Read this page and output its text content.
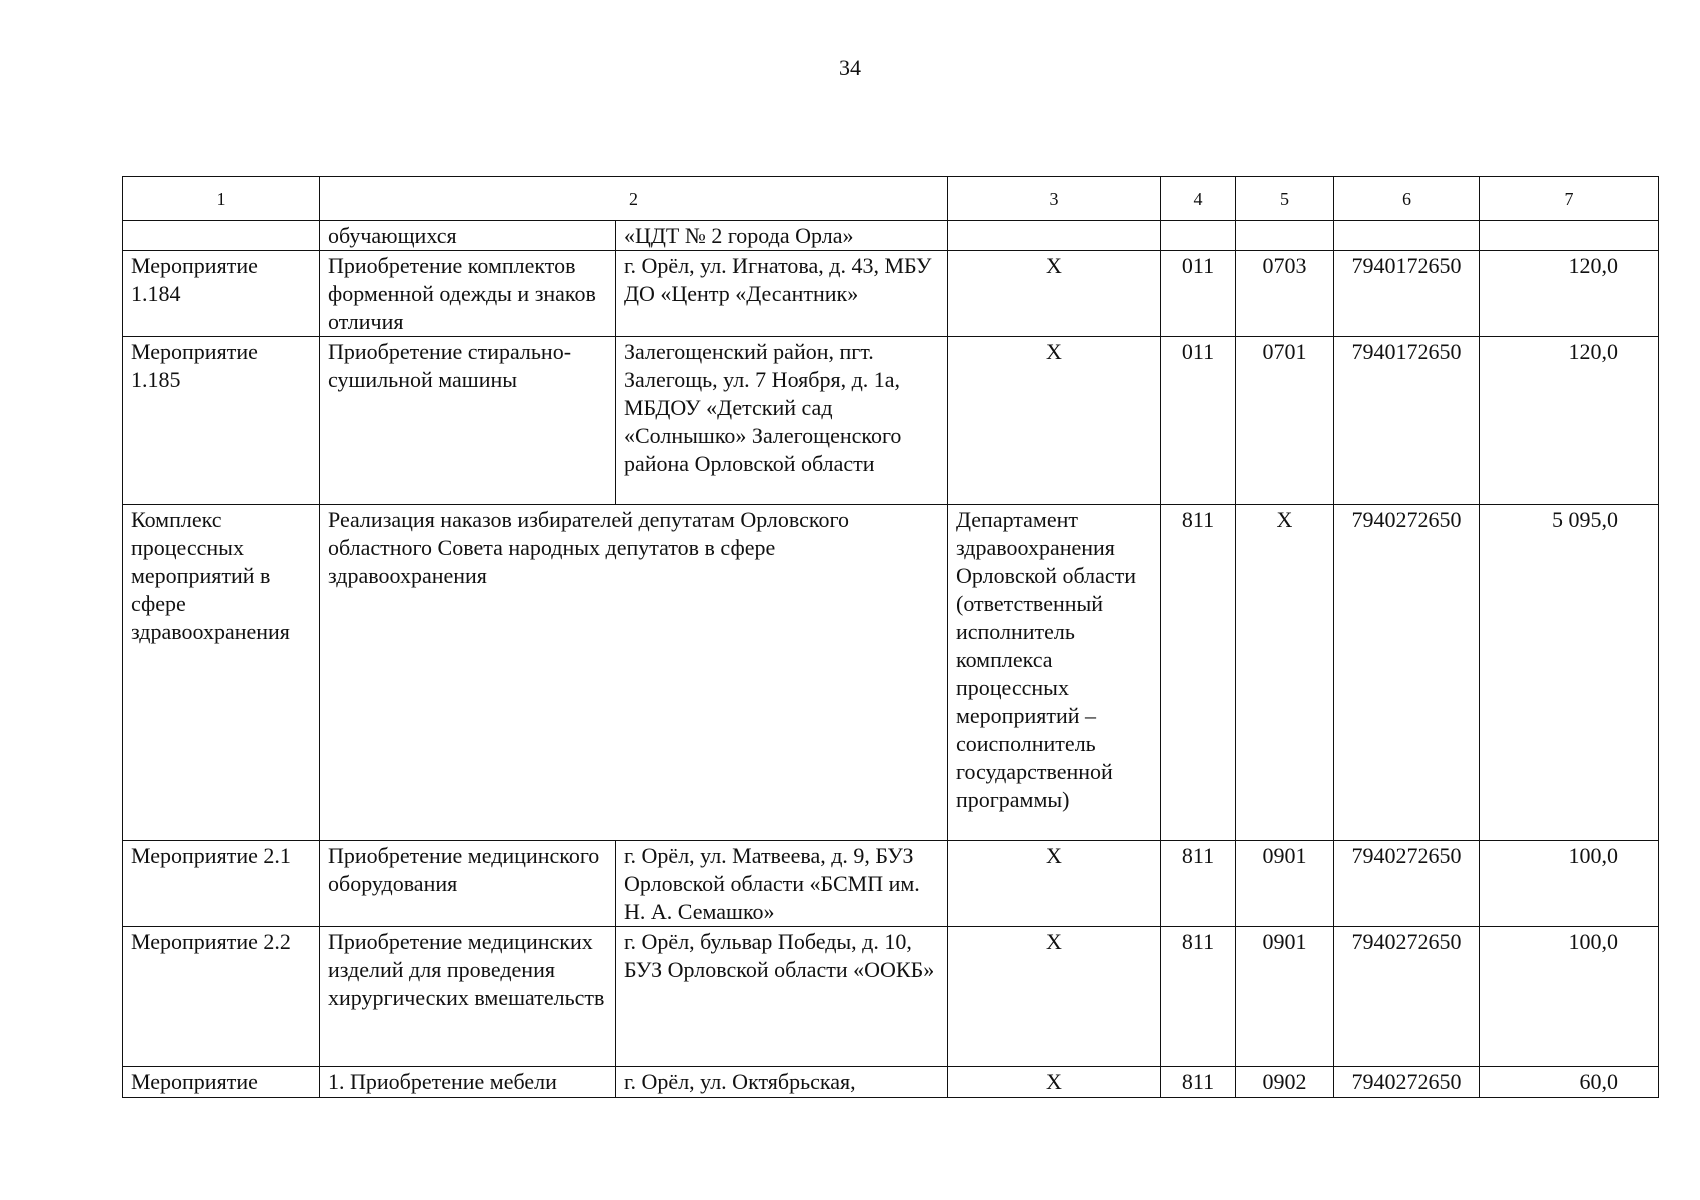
34
1	2		3	4	5	6	7
	обучающихся	«ЦДТ № 2 города Орла»					
Мероприятие 1.184	Приобретение комплектов форменной одежды и знаков отличия	г. Орёл, ул. Игнатова, д. 43, МБУ ДО «Центр «Десантник»	Х	011	0703	7940172650	120,0
Мероприятие 1.185	Приобретение стирально-сушильной машины	Залегощенский район, пгт. Залегощь, ул. 7 Ноября, д. 1а, МБДОУ «Детский сад «Солнышко» Залегощенского района Орловской области	Х	011	0701	7940172650	120,0
Комплекс процессных мероприятий в сфере здравоохранения	Реализация наказов избирателей депутатам Орловского областного Совета народных депутатов в сфере здравоохранения		Департамент здравоохранения Орловской области (ответственный исполнитель комплекса процессных мероприятий – соисполнитель государственной программы)	811	Х	7940272650	5 095,0
Мероприятие 2.1	Приобретение медицинского оборудования	г. Орёл, ул. Матвеева, д. 9, БУЗ Орловской области «БСМП им. Н. А. Семашко»	Х	811	0901	7940272650	100,0
Мероприятие 2.2	Приобретение медицинских изделий для проведения хирургических вмешательств	г. Орёл, бульвар Победы, д. 10, БУЗ Орловской области «ООКБ»	Х	811	0901	7940272650	100,0
Мероприятие	1. Приобретение мебели	г. Орёл, ул. Октябрьская,	Х	811	0902	7940272650	60,0
